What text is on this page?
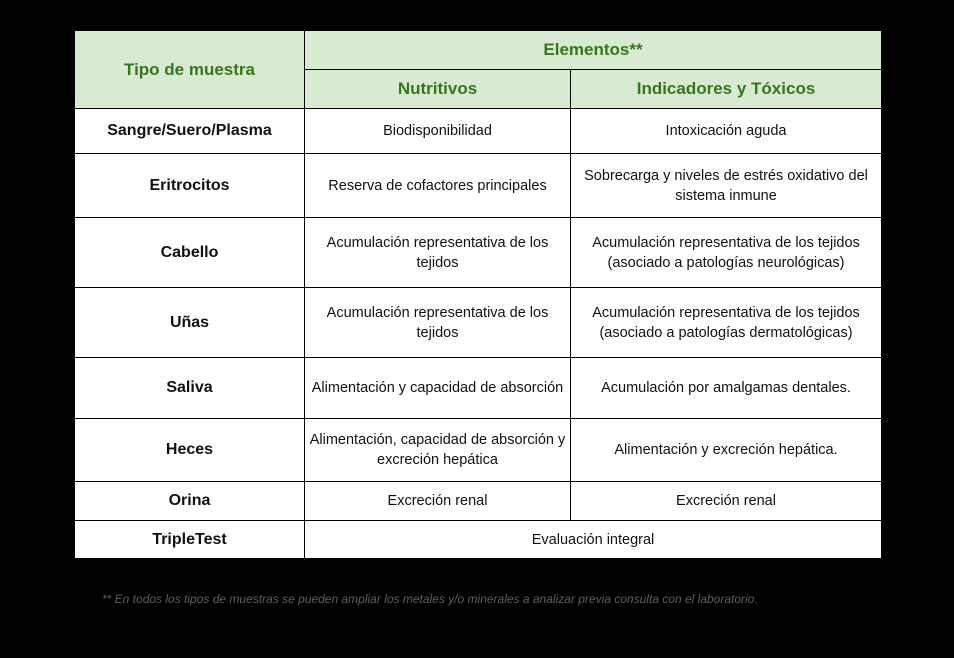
Tipo de muestra	Elementos**	
	Nutritivos	Indicadores y Tóxicos
Sangre/Suero/Plasma	Biodisponibilidad	Intoxicación aguda
Eritrocitos	Reserva de cofactores principales	Sobrecarga y niveles de estrés oxidativo del sistema inmune
Cabello	Acumulación representativa de los tejidos	Acumulación representativa de los tejidos (asociado a patologías neurológicas)
Uñas	Acumulación representativa de los tejidos	Acumulación representativa de los tejidos (asociado a patologías dermatológicas)
Saliva	Alimentación y capacidad de absorción	Acumulación por amalgamas dentales.
Heces	Alimentación, capacidad de absorción y excreción hepática	Alimentación y excreción hepática.
Orina	Excreción renal	Excreción renal
TripleTest	Evaluación integral	
** En todos los tipos de muestras se pueden ampliar los metales y/o minerales a analizar previa consulta con el laboratorio.
